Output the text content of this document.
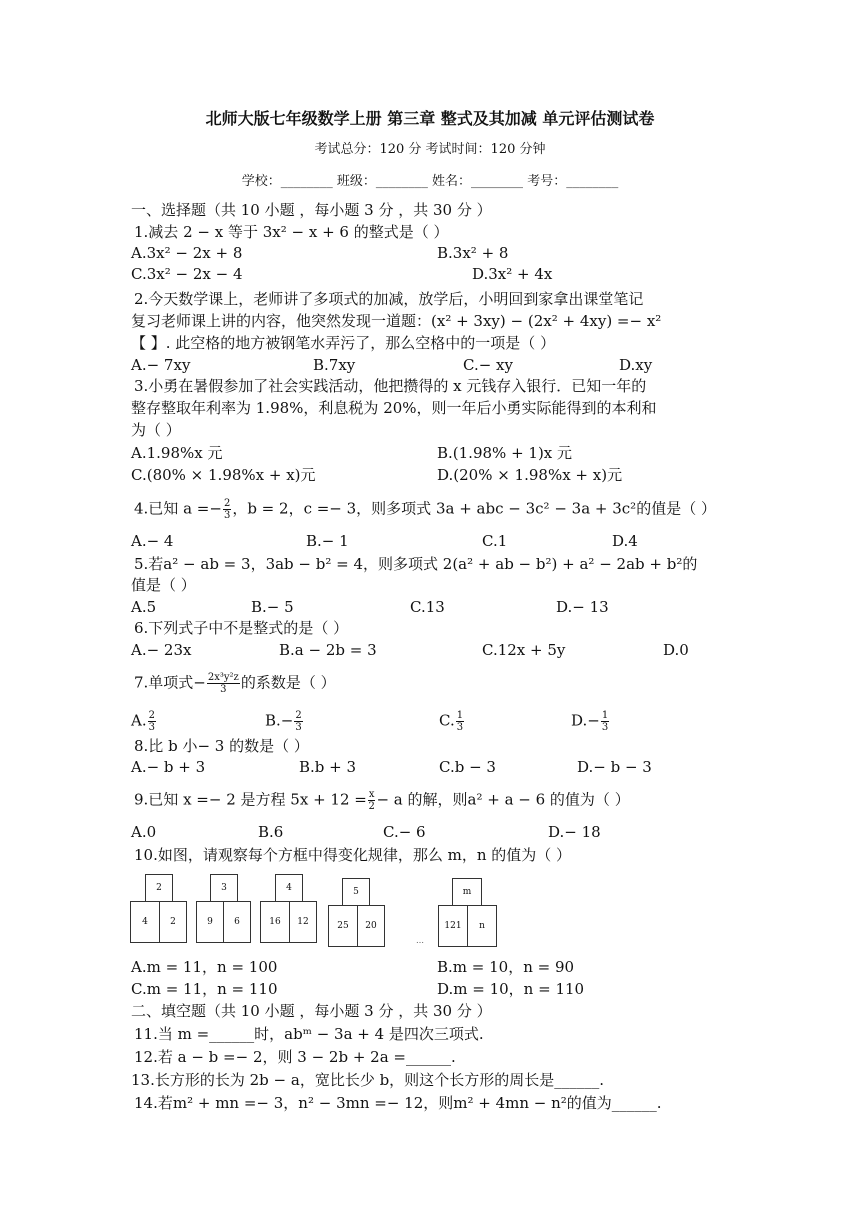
北师大版七年级数学上册 第三章 整式及其加减 单元评估测试卷
考试总分：120 分 考试时间：120 分钟
学校：________ 班级：________ 姓名：________ 考号：________
一、选择题（共 10 小题 ，每小题 3 分 ，共 30 分 ）
1.减去 2 − x 等于 3x² − x + 6 的整式是（ ）
A.3x² − 2x + 8	B.3x² + 8
C.3x² − 2x − 4	D.3x² + 4x
2.今天数学课上，老师讲了多项式的加减，放学后，小明回到家拿出课堂笔记
复习老师课上讲的内容，他突然发现一道题：(x² + 3xy) − (2x² + 4xy) =− x²
【 】. 此空格的地方被钢笔水弄污了，那么空格中的一项是（ ）
A.− 7xy	B.7xy	C.− xy	D.xy
3.小勇在暑假参加了社会实践活动，他把攒得的 x 元钱存入银行．已知一年的
整存整取年利率为 1.98%，利息税为 20%，则一年后小勇实际能得到的本利和
为（ ）
A.1.98%x 元	B.(1.98% + 1)x 元
C.(80% × 1.98%x + x)元	D.(20% × 1.98%x + x)元
4.已知 $a =- \frac{2}{3}$ ，b = 2，c =− 3，则多项式 3a + abc − 3c² − 3a + 3c²的值是（ ）
A.− 4	B.− 1	C.1	D.4
5.若a² − ab = 3，3ab − b² = 4，则多项式 2(a² + ab − b²) + a² − 2ab + b²的
值是（ ）
A.5	B.− 5	C.13	D.− 13
6.下列式子中不是整式的是（ ）
A.− 23x	B.a − 2b = 3	C.12x + 5y	D.0
7.单项式− $\frac{\text{2x³y²z}}{3}$ 的系数是（ ）
A. $\frac{2}{3}$	$B.- \frac{2}{3}$	C. $\frac{1}{3}$	$D.- \frac{1}{3}$
8.比 b 小− 3 的数是（ ）
A.− b + 3	B.b + 3	C.b − 3	D.− b − 3
9.已知 x =− 2 是方程 $5x + 12 = \frac{x}{2} - a$ 的解，则a² + a − 6 的值为（ ）
A.0	B.6	C.− 6	D.− 18
10.如图，请观察每个方框中得变化规律，那么 m，n 的值为（ ）
2
4	2
3
9	6
4
16	12
5
25	20
…
m
121	n
A.m = 11，n = 100	B.m = 10，n = 90
C.m = 11，n = 110	D.m = 10，n = 110
二、填空题（共 10 小题 ，每小题 3 分 ，共 30 分 ）
11.当 m =______时，abᵐ − 3a + 4 是四次三项式.
12.若 a − b =− 2，则 3 − 2b + 2a =______.
13.长方形的长为 2b − a，宽比长少 b，则这个长方形的周长是______.
14.若m² + mn =− 3，n² − 3mn =− 12，则m² + 4mn − n²的值为______.
